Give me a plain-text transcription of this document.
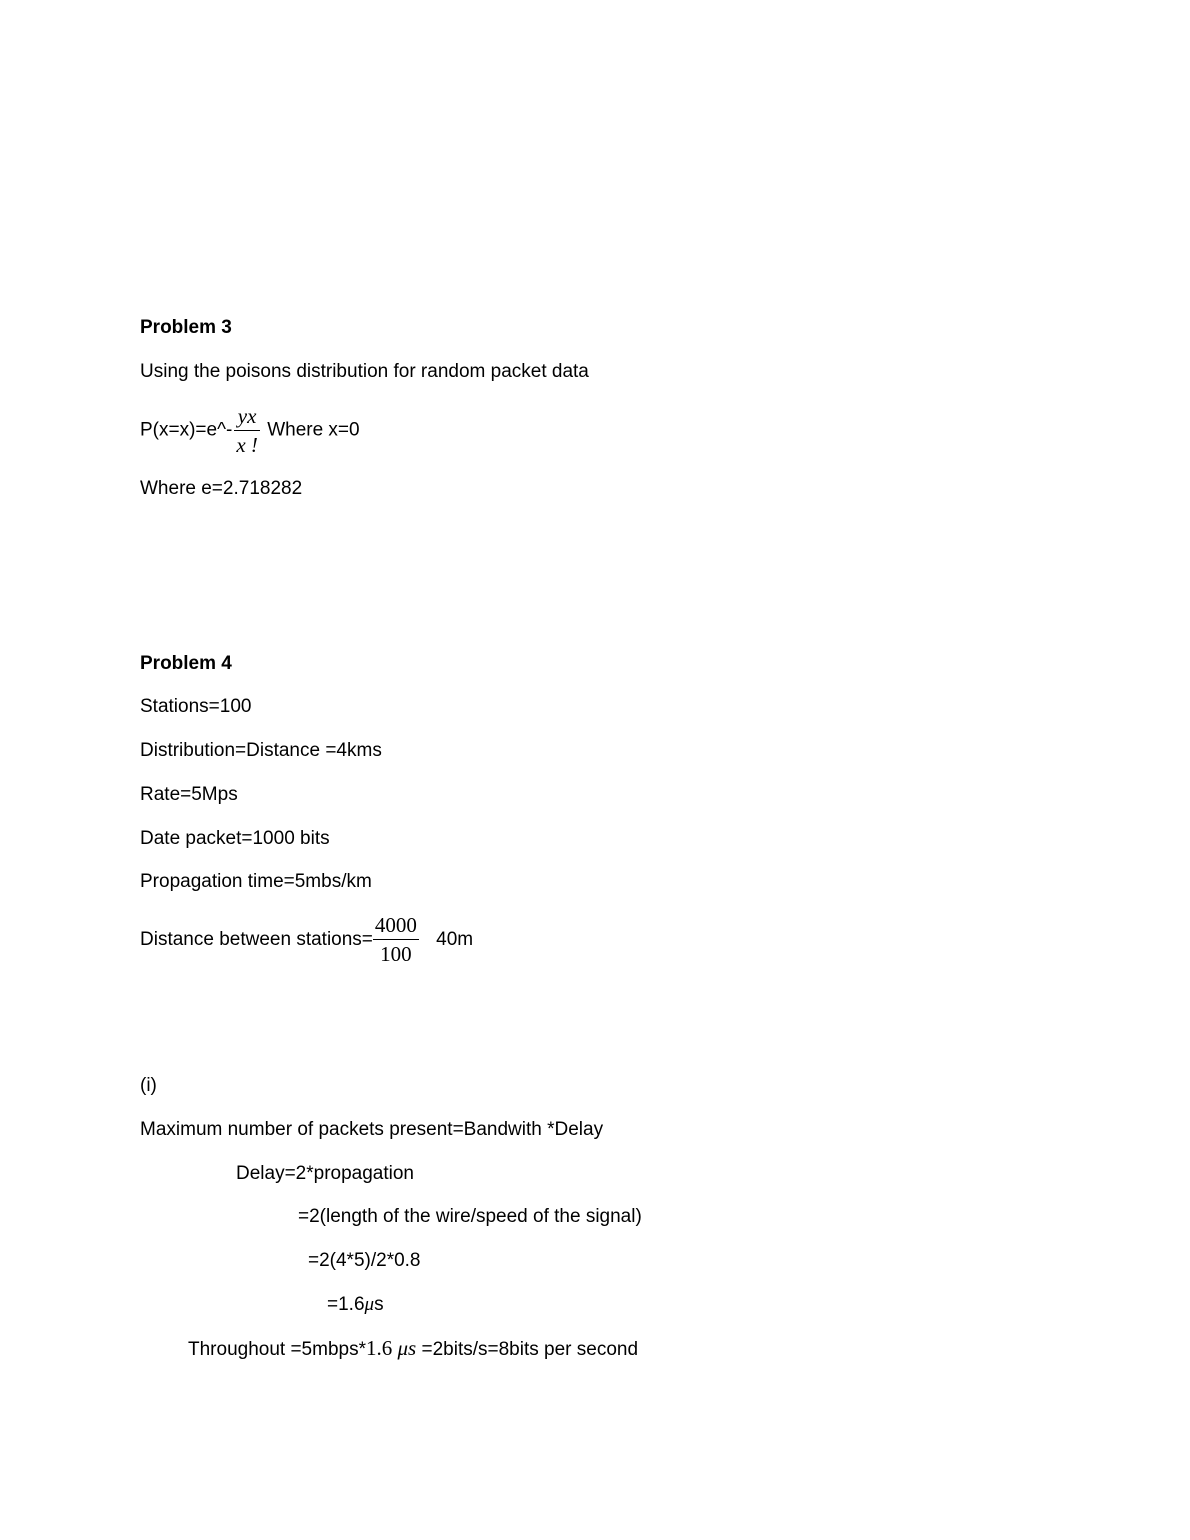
Problem 3
Using the poisons distribution for random packet data
P(x=x)=e^- $\frac{yx}{x !}$ Where x=0
Where e=2.718282
Problem 4
Stations=100
Distribution=Distance =4kms
Rate=5Mps
Date packet=1000 bits
Propagation time=5mbs/km
Distance between stations= $\frac{4000}{100} 40m$
(i)
Maximum number of packets present=Bandwith *Delay
Delay=2*propagation
=2(length of the wire/speed of the signal)
=2(4*5)/2*0.8
=1.6μs
Throughout =5mbps*1.6 μs =2bits/s=8bits per second
